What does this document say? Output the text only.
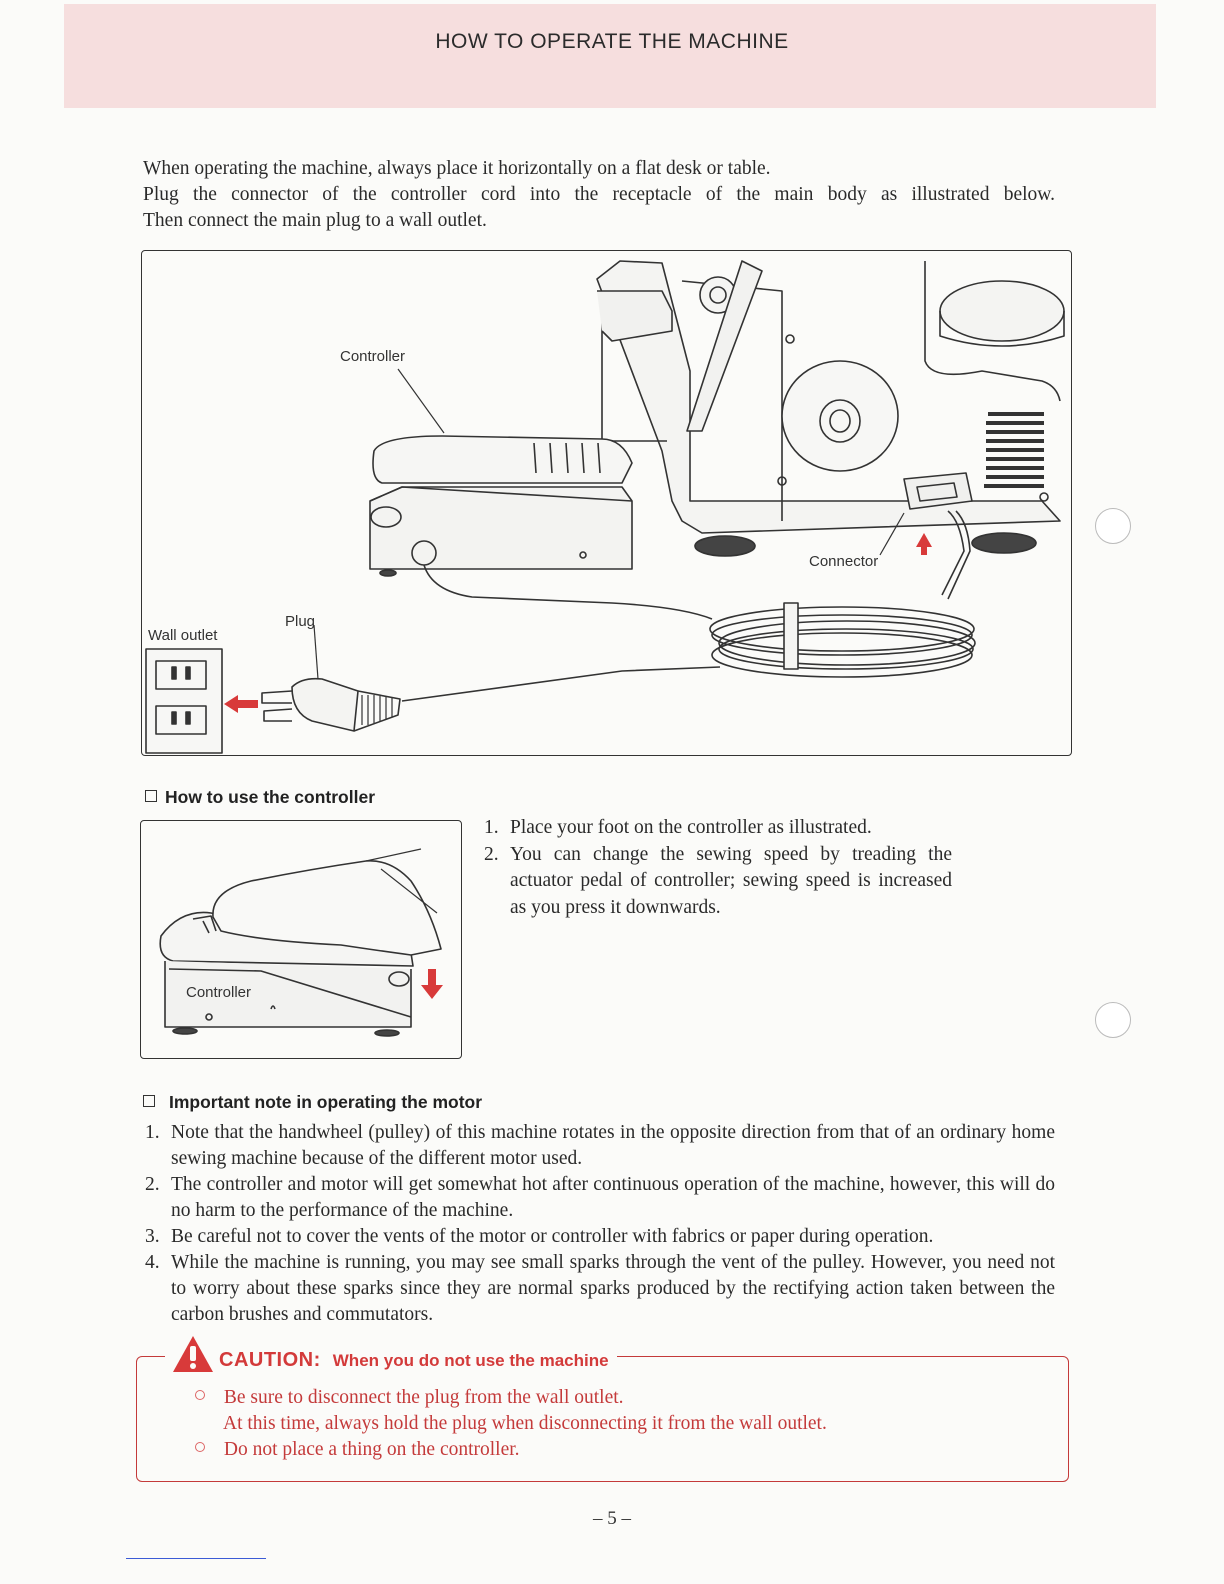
HOW TO OPERATE THE MACHINE

When operating the machine, always place it horizontally on a flat desk or table.

Plug the connector of the controller cord into the receptacle of the main body as illustrated below.

Then connect the main plug to a wall outlet.

Controller
Connector
Plug
Wall outlet
How to use the controller
Controller
1. Place your foot on the controller as illustrated.
2. You can change the sewing speed by treading the actuator pedal of controller; sewing speed is increased as you press it downwards.
Important note in operating the motor
1. Note that the handwheel (pulley) of this machine rotates in the opposite direction from that of an ordinary home sewing machine because of the different motor used.
2. The controller and motor will get somewhat hot after continuous operation of the machine, however, this will do no harm to the performance of the machine.
3. Be careful not to cover the vents of the motor or controller with fabrics or paper during operation.
4. While the machine is running, you may see small sparks through the vent of the pulley. However, you need not to worry about these sparks since they are normal sparks produced by the rectifying action taken between the carbon brushes and commutators.
CAUTION: When you do not use the machine
Be sure to disconnect the plug from the wall outlet.
At this time, always hold the plug when disconnecting it from the wall outlet.
Do not place a thing on the controller.
– 5 –
